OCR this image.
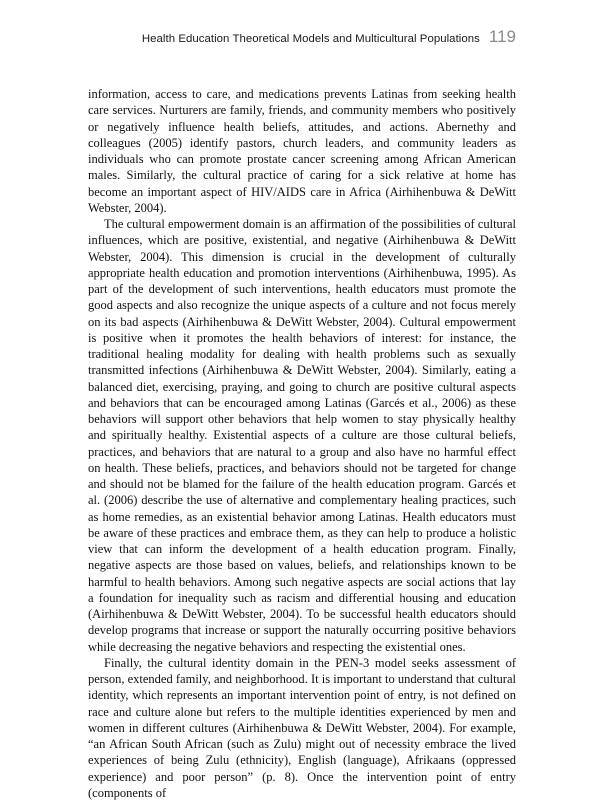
Health Education Theoretical Models and Multicultural Populations 119

information, access to care, and medications prevents Latinas from seeking health care services. Nurturers are family, friends, and community members who positively or negatively influence health beliefs, attitudes, and actions. Abernethy and colleagues (2005) identify pastors, church leaders, and community leaders as individuals who can promote prostate cancer screening among African American males. Similarly, the cultural practice of caring for a sick relative at home has become an important aspect of HIV/AIDS care in Africa (Airhihenbuwa & DeWitt Webster, 2004).

The cultural empowerment domain is an affirmation of the possibilities of cultural influences, which are positive, existential, and negative (Airhihenbuwa & DeWitt Webster, 2004). This dimension is crucial in the development of culturally appropriate health education and promotion interventions (Airhihenbuwa, 1995). As part of the development of such interventions, health educators must promote the good aspects and also recognize the unique aspects of a culture and not focus merely on its bad aspects (Airhihenbuwa & DeWitt Webster, 2004). Cultural empowerment is positive when it promotes the health behaviors of interest: for instance, the traditional healing modality for dealing with health problems such as sexually transmitted infections (Airhihenbuwa & DeWitt Webster, 2004). Similarly, eating a balanced diet, exercising, praying, and going to church are positive cultural aspects and behaviors that can be encouraged among Latinas (Garcés et al., 2006) as these behaviors will support other behaviors that help women to stay physically healthy and spiritually healthy. Existential aspects of a culture are those cultural beliefs, practices, and behaviors that are natural to a group and also have no harmful effect on health. These beliefs, practices, and behaviors should not be targeted for change and should not be blamed for the failure of the health education program. Garcés et al. (2006) describe the use of alternative and complementary healing practices, such as home remedies, as an existential behavior among Latinas. Health educators must be aware of these practices and embrace them, as they can help to produce a holistic view that can inform the development of a health education program. Finally, negative aspects are those based on values, beliefs, and relationships known to be harmful to health behaviors. Among such negative aspects are social actions that lay a foundation for inequality such as racism and differential housing and education (Airhihenbuwa & DeWitt Webster, 2004). To be successful health educators should develop programs that increase or support the naturally occurring positive behaviors while decreasing the negative behaviors and respecting the existential ones.

Finally, the cultural identity domain in the PEN-3 model seeks assessment of person, extended family, and neighborhood. It is important to understand that cultural identity, which represents an important intervention point of entry, is not defined on race and culture alone but refers to the multiple identities experienced by men and women in different cultures (Airhihenbuwa & DeWitt Webster, 2004). For example, “an African South African (such as Zulu) might out of necessity embrace the lived experiences of being Zulu (ethnicity), English (language), Afrikaans (oppressed experience) and poor person” (p. 8). Once the intervention point of entry (components of
